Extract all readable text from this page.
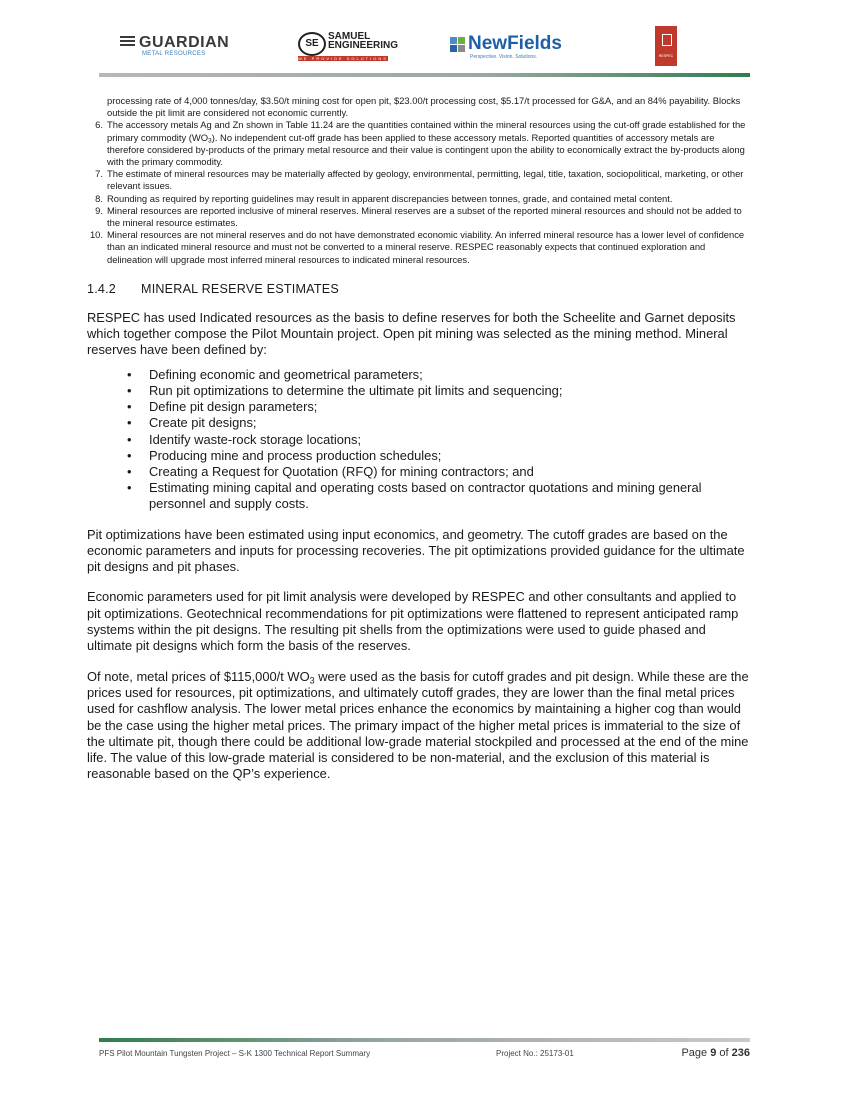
GUARDIAN
METAL RESOURCES
SE
SAMUEL
ENGINEERING
WE PROVIDE SOLUTIONS
NewFields
Perspective. Vision. Solutions.	RESPEC
processing rate of 4,000 tonnes/day, $3.50/t mining cost for open pit, $23.00/t processing cost, $5.17/t processed for G&A, and an 84% payability. Blocks outside the pit limit are considered not economic currently.
6. The accessory metals Ag and Zn shown in Table 11.24 are the quantities contained within the mineral resources using the cut-off grade established for the primary commodity $(WO_3)$. No independent cut-off grade has been applied to these accessory metals. Reported quantities of accessory metals are therefore considered by-products of the primary metal resource and their value is contingent upon the ability to economically extract the by-products along with the primary commodity.
7. The estimate of mineral resources may be materially affected by geology, environmental, permitting, legal, title, taxation, sociopolitical, marketing, or other relevant issues.
8. Rounding as required by reporting guidelines may result in apparent discrepancies between tonnes, grade, and contained metal content.
9. Mineral resources are reported inclusive of mineral reserves. Mineral reserves are a subset of the reported mineral resources and should not be added to the mineral resource estimates.
10. Mineral resources are not mineral reserves and do not have demonstrated economic viability. An inferred mineral resource has a lower level of confidence than an indicated mineral resource and must not be converted to a mineral reserve. RESPEC reasonably expects that continued exploration and delineation will upgrade most inferred mineral resources to indicated mineral resources.
1.4.2 MINERAL RESERVE ESTIMATES

RESPEC has used Indicated resources as the basis to define reserves for both the Scheelite and Garnet deposits which together compose the Pilot Mountain project. Open pit mining was selected as the mining method. Mineral reserves have been defined by:

• Defining economic and geometrical parameters;
• Run pit optimizations to determine the ultimate pit limits and sequencing;
• Define pit design parameters;
• Create pit designs;
• Identify waste-rock storage locations;
• Producing mine and process production schedules;
• Creating a Request for Quotation (RFQ) for mining contractors; and
• Estimating mining capital and operating costs based on contractor quotations and mining general personnel and supply costs.

Pit optimizations have been estimated using input economics, and geometry. The cutoff grades are based on the economic parameters and inputs for processing recoveries. The pit optimizations provided guidance for the ultimate pit designs and pit phases.

Economic parameters used for pit limit analysis were developed by RESPEC and other consultants and applied to pit optimizations. Geotechnical recommendations for pit optimizations were flattened to represent anticipated ramp systems within the pit designs. The resulting pit shells from the optimizations were used to guide phased and ultimate pit designs which form the basis of the reserves.

Of note, metal prices of $115,000/t $WO_3$ were used as the basis for cutoff grades and pit design. While these are the prices used for resources, pit optimizations, and ultimately cutoff grades, they are lower than the final metal prices used for cashflow analysis. The lower metal prices enhance the economics by maintaining a higher cog than would be the case using the higher metal prices. The primary impact of the higher metal prices is immaterial to the size of the ultimate pit, though there could be additional low-grade material stockpiled and processed at the end of the mine life. The value of this low-grade material is considered to be non-material, and the exclusion of this material is reasonable based on the QP’s experience.

PFS Pilot Mountain Tungsten Project – S-K 1300 Technical Report Summary	Project No.: 25173-01	Page 9 of 236
